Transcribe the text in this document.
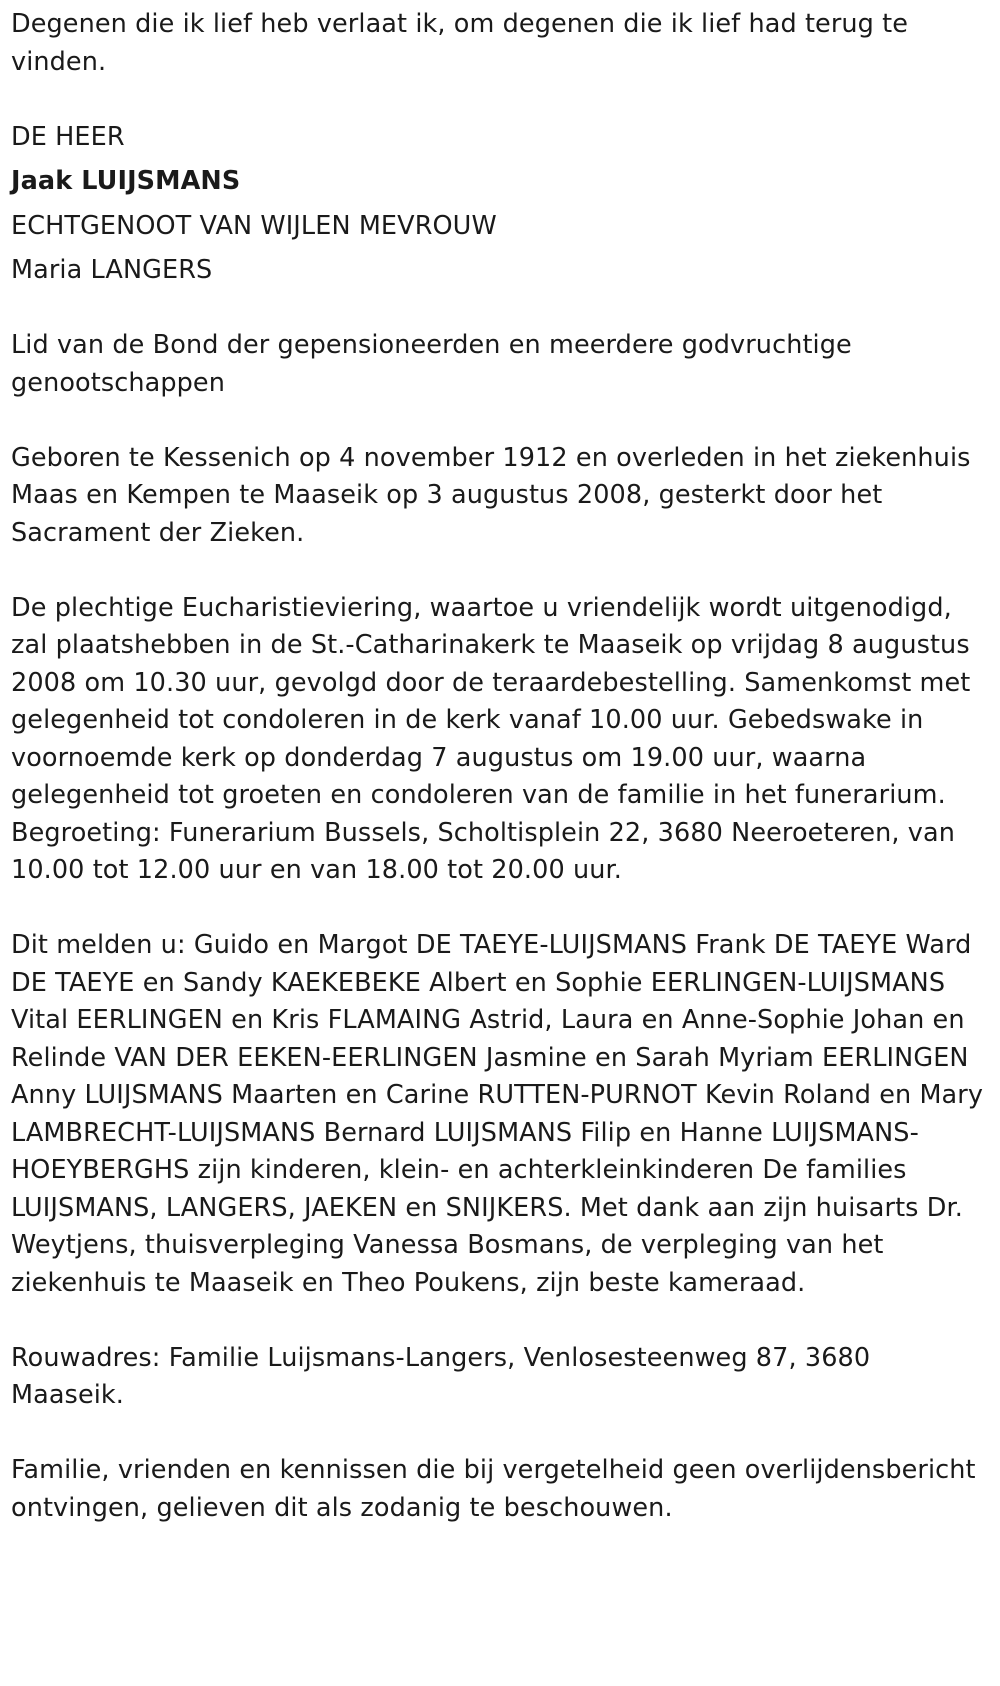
Degenen die ik lief heb verlaat ik, om degenen die ik lief had terug te vinden.

DE HEER
Jaak LUIJSMANS
ECHTGENOOT VAN WIJLEN MEVROUW
Maria LANGERS

Lid van de Bond der gepensioneerden en meerdere godvruchtige genootschappen

Geboren te Kessenich op 4 november 1912 en overleden in het ziekenhuis Maas en Kempen te Maaseik op 3 augustus 2008, gesterkt door het Sacrament der Zieken.

De plechtige Eucharistieviering, waartoe u vriendelijk wordt uitgenodigd, zal plaatshebben in de St.-Catharinakerk te Maaseik op vrijdag 8 augustus 2008 om 10.30 uur, gevolgd door de teraardebestelling. Samenkomst met gelegenheid tot condoleren in de kerk vanaf 10.00 uur. Gebedswake in voornoemde kerk op donderdag 7 augustus om 19.00 uur, waarna gelegenheid tot groeten en condoleren van de familie in het funerarium. Begroeting: Funerarium Bussels, Scholtisplein 22, 3680 Neeroeteren, van 10.00 tot 12.00 uur en van 18.00 tot 20.00 uur.

Dit melden u: Guido en Margot DE TAEYE-LUIJSMANS Frank DE TAEYE Ward DE TAEYE en Sandy KAEKEBEKE Albert en Sophie EERLINGEN-LUIJSMANS Vital EERLINGEN en Kris FLAMAING Astrid, Laura en Anne-Sophie Johan en Relinde VAN DER EEKEN-EERLINGEN Jasmine en Sarah Myriam EERLINGEN Anny LUIJSMANS Maarten en Carine RUTTEN-PURNOT Kevin Roland en Mary LAMBRECHT-LUIJSMANS Bernard LUIJSMANS Filip en Hanne LUIJSMANS-HOEYBERGHS zijn kinderen, klein- en achterkleinkinderen De families LUIJSMANS, LANGERS, JAEKEN en SNIJKERS. Met dank aan zijn huisarts Dr. Weytjens, thuisverpleging Vanessa Bosmans, de verpleging van het ziekenhuis te Maaseik en Theo Poukens, zijn beste kameraad.

Rouwadres: Familie Luijsmans-Langers, Venlosesteenweg 87, 3680 Maaseik.

Familie, vrienden en kennissen die bij vergetelheid geen overlijdensbericht ontvingen, gelieven dit als zodanig te beschouwen.
